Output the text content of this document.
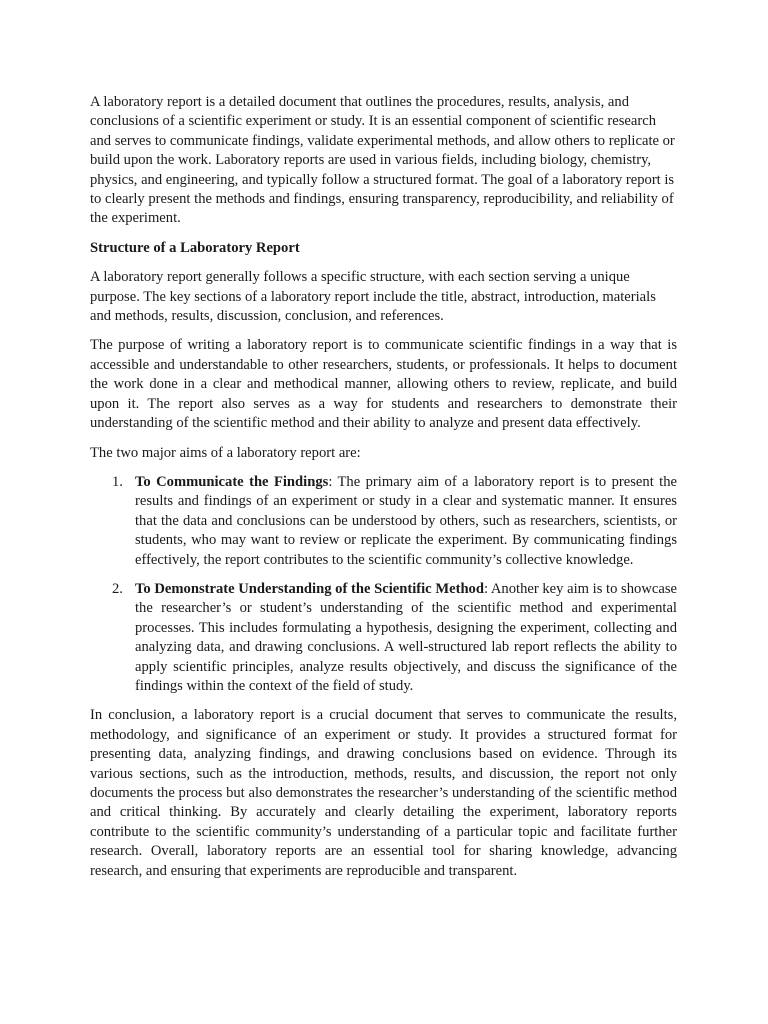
A laboratory report is a detailed document that outlines the procedures, results, analysis, and conclusions of a scientific experiment or study. It is an essential component of scientific research and serves to communicate findings, validate experimental methods, and allow others to replicate or build upon the work. Laboratory reports are used in various fields, including biology, chemistry, physics, and engineering, and typically follow a structured format. The goal of a laboratory report is to clearly present the methods and findings, ensuring transparency, reproducibility, and reliability of the experiment.

Structure of a Laboratory Report

A laboratory report generally follows a specific structure, with each section serving a unique purpose. The key sections of a laboratory report include the title, abstract, introduction, materials and methods, results, discussion, conclusion, and references.

The purpose of writing a laboratory report is to communicate scientific findings in a way that is accessible and understandable to other researchers, students, or professionals. It helps to document the work done in a clear and methodical manner, allowing others to review, replicate, and build upon it. The report also serves as a way for students and researchers to demonstrate their understanding of the scientific method and their ability to analyze and present data effectively.

The two major aims of a laboratory report are:

1. To Communicate the Findings: The primary aim of a laboratory report is to present the results and findings of an experiment or study in a clear and systematic manner. It ensures that the data and conclusions can be understood by others, such as researchers, scientists, or students, who may want to review or replicate the experiment. By communicating findings effectively, the report contributes to the scientific community’s collective knowledge.
2. To Demonstrate Understanding of the Scientific Method: Another key aim is to showcase the researcher’s or student’s understanding of the scientific method and experimental processes. This includes formulating a hypothesis, designing the experiment, collecting and analyzing data, and drawing conclusions. A well-structured lab report reflects the ability to apply scientific principles, analyze results objectively, and discuss the significance of the findings within the context of the field of study.

In conclusion, a laboratory report is a crucial document that serves to communicate the results, methodology, and significance of an experiment or study. It provides a structured format for presenting data, analyzing findings, and drawing conclusions based on evidence. Through its various sections, such as the introduction, methods, results, and discussion, the report not only documents the process but also demonstrates the researcher’s understanding of the scientific method and critical thinking. By accurately and clearly detailing the experiment, laboratory reports contribute to the scientific community’s understanding of a particular topic and facilitate further research. Overall, laboratory reports are an essential tool for sharing knowledge, advancing research, and ensuring that experiments are reproducible and transparent.
